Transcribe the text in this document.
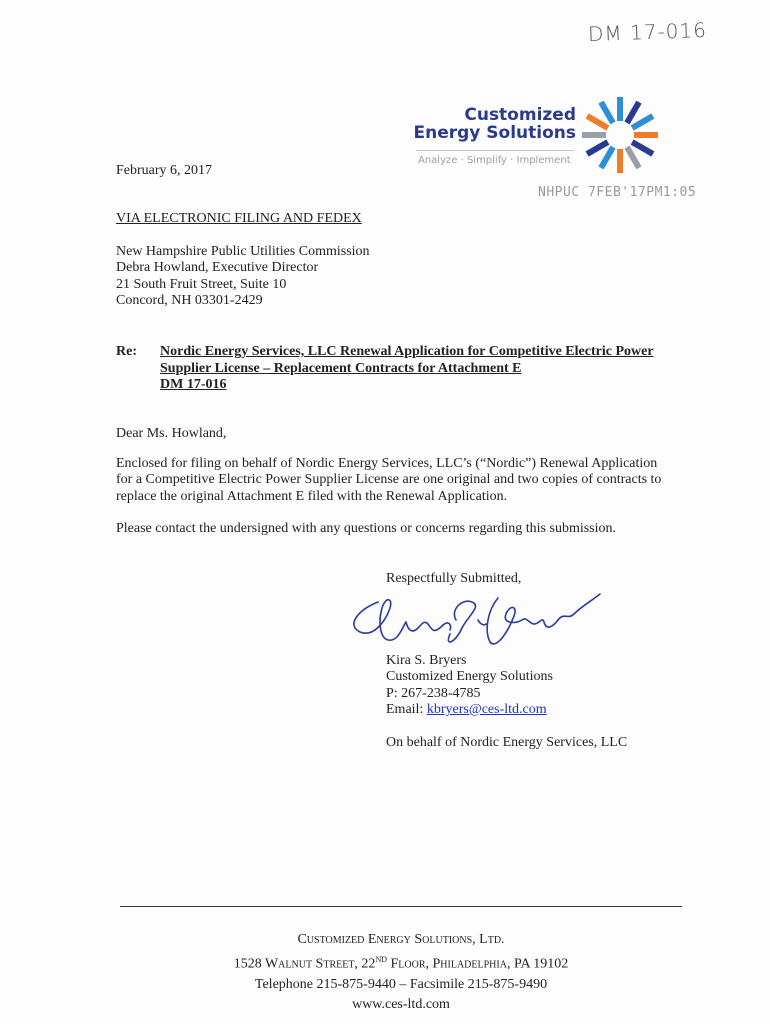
DM 17-016
Customized
Energy Solutions
Analyze · Simplify · Implement
February 6, 2017
NHPUC 7FEB'17PM1:05
VIA ELECTRONIC FILING AND FEDEX
New Hampshire Public Utilities Commission
Debra Howland, Executive Director
21 South Fruit Street, Suite 10
Concord, NH 03301-2429
Re: Nordic Energy Services, LLC Renewal Application for Competitive Electric Power
Supplier License – Replacement Contracts for Attachment E
DM 17-016
Dear Ms. Howland,
Enclosed for filing on behalf of Nordic Energy Services, LLC’s (“Nordic”) Renewal Application
for a Competitive Electric Power Supplier License are one original and two copies of contracts to
replace the original Attachment E filed with the Renewal Application.
Please contact the undersigned with any questions or concerns regarding this submission.
Respectfully Submitted,
Kira S. Bryers
Customized Energy Solutions
P: 267-238-4785
Email: kbryers@ces-ltd.com
On behalf of Nordic Energy Services, LLC
Customized Energy Solutions, Ltd.
1528 Walnut Street, 22ND Floor, Philadelphia, PA 19102
Telephone 215-875-9440 – Facsimile 215-875-9490
www.ces-ltd.com
